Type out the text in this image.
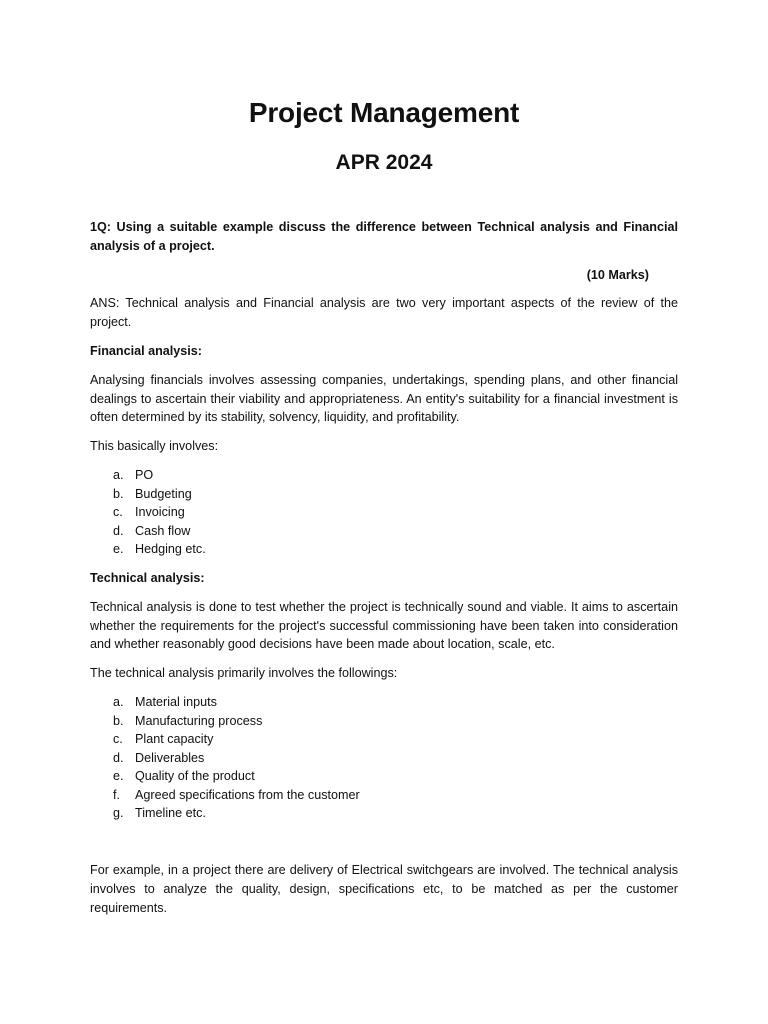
Project Management
APR 2024

1Q: Using a suitable example discuss the difference between Technical analysis and Financial analysis of a project.

(10 Marks)

ANS: Technical analysis and Financial analysis are two very important aspects of the review of the project.

Financial analysis:

Analysing financials involves assessing companies, undertakings, spending plans, and other financial dealings to ascertain their viability and appropriateness. An entity's suitability for a financial investment is often determined by its stability, solvency, liquidity, and profitability.

This basically involves:

a. PO
b. Budgeting
c. Invoicing
d. Cash flow
e. Hedging etc.

Technical analysis:

Technical analysis is done to test whether the project is technically sound and viable. It aims to ascertain whether the requirements for the project's successful commissioning have been taken into consideration and whether reasonably good decisions have been made about location, scale, etc.

The technical analysis primarily involves the followings:

a. Material inputs
b. Manufacturing process
c. Plant capacity
d. Deliverables
e. Quality of the product
f. Agreed specifications from the customer
g. Timeline etc.

For example, in a project there are delivery of Electrical switchgears are involved. The technical analysis involves to analyze the quality, design, specifications etc, to be matched as per the customer requirements.
